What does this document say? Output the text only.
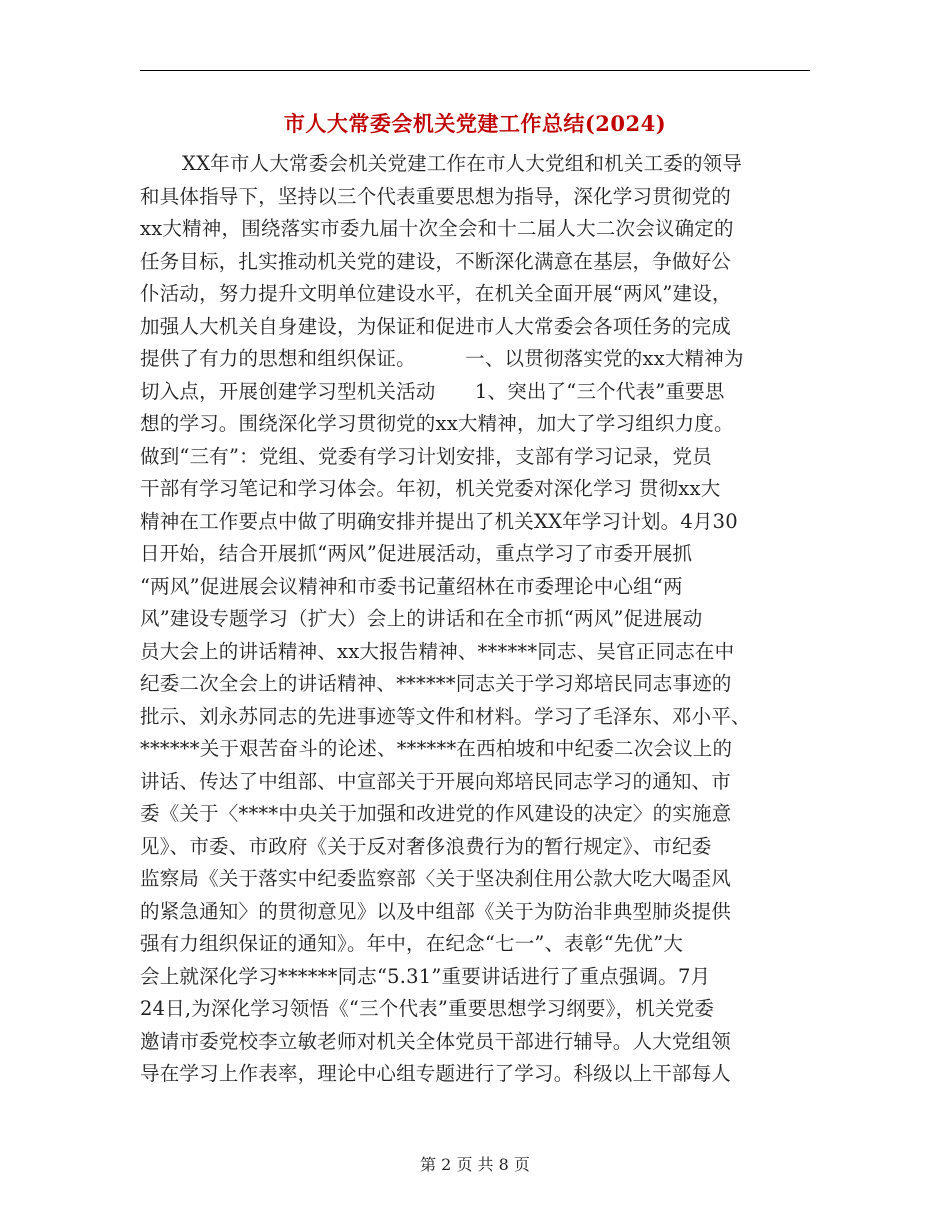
市人大常委会机关党建工作总结(2024)
XX年市人大常委会机关党建工作在市人大党组和机关工委的领导
和具体指导下，坚持以三个代表重要思想为指导，深化学习贯彻党的
xx大精神，围绕落实市委九届十次全会和十二届人大二次会议确定的
任务目标，扎实推动机关党的建设，不断深化满意在基层，争做好公
仆活动，努力提升文明单位建设水平，在机关全面开展“两风”建设，
加强人大机关自身建设，为保证和促进市人大常委会各项任务的完成
提供了有力的思想和组织保证。　　　一、以贯彻落实党的xx大精神为
切入点，开展创建学习型机关活动　　1、突出了“三个代表”重要思
想的学习。围绕深化学习贯彻党的xx大精神，加大了学习组织力度。
做到“三有”：党组、党委有学习计划安排，支部有学习记录，党员
干部有学习笔记和学习体会。年初，机关党委对深化学习 贯彻xx大
精神在工作要点中做了明确安排并提出了机关XX年学习计划。4月30
日开始，结合开展抓“两风”促进展活动，重点学习了市委开展抓
“两风”促进展会议精神和市委书记董绍林在市委理论中心组“两
风”建设专题学习（扩大）会上的讲话和在全市抓“两风”促进展动
员大会上的讲话精神、xx大报告精神、******同志、吴官正同志在中
纪委二次全会上的讲话精神、******同志关于学习郑培民同志事迹的
批示、刘永苏同志的先进事迹等文件和材料。学习了毛泽东、邓小平、
******关于艰苦奋斗的论述、******在西柏坡和中纪委二次会议上的
讲话、传达了中组部、中宣部关于开展向郑培民同志学习的通知、市
委《关于〈****中央关于加强和改进党的作风建设的决定〉的实施意
见》、市委、市政府《关于反对奢侈浪费行为的暂行规定》、市纪委
监察局《关于落实中纪委监察部〈关于坚决刹住用公款大吃大喝歪风
的紧急通知〉的贯彻意见》以及中组部《关于为防治非典型肺炎提供
强有力组织保证的通知》。年中，在纪念“七一”、表彰“先优”大
会上就深化学习******同志“5.31”重要讲话进行了重点强调。7月
24日,为深化学习领悟《“三个代表”重要思想学习纲要》，机关党委
邀请市委党校李立敏老师对机关全体党员干部进行辅导。人大党组领
导在学习上作表率，理论中心组专题进行了学习。科级以上干部每人
第 2 页 共 8 页
